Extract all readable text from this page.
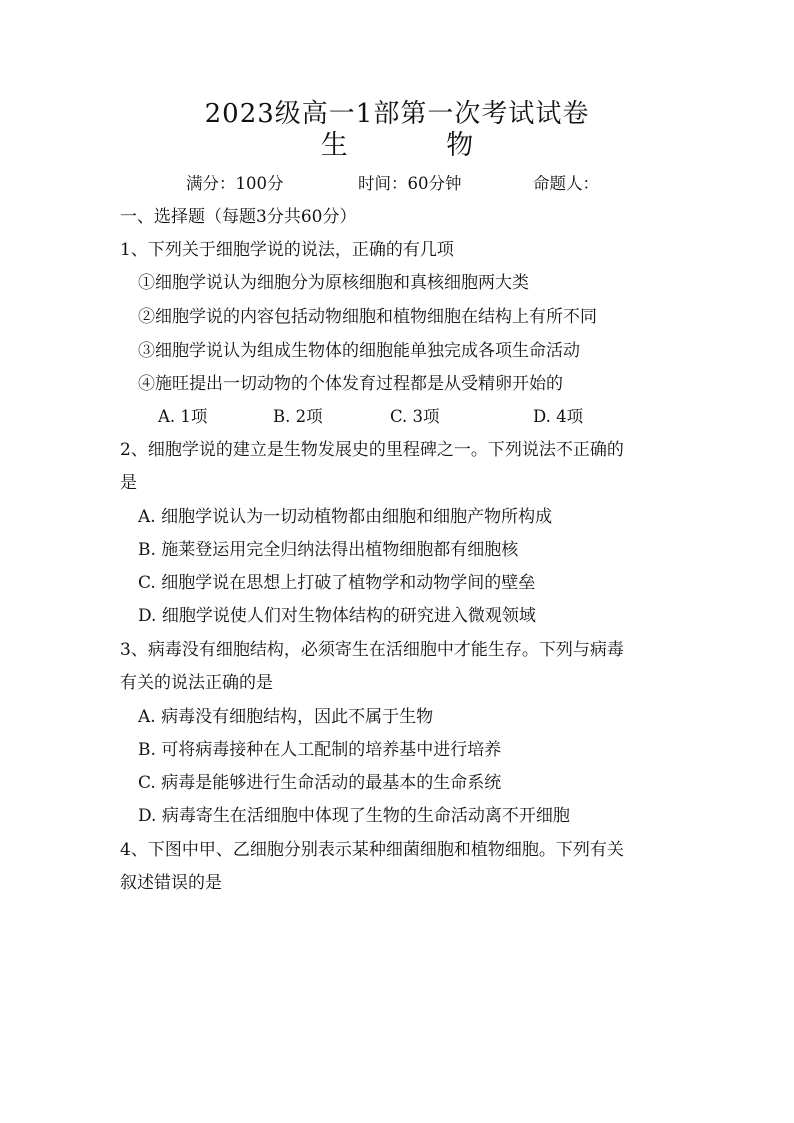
2023级高一1部第一次考试试卷
生 物
满分：100分	时间：60分钟	命题人：
一、选择题（每题3分共60分）
1、下列关于细胞学说的说法，正确的有几项
①细胞学说认为细胞分为原核细胞和真核细胞两大类
②细胞学说的内容包括动物细胞和植物细胞在结构上有所不同
③细胞学说认为组成生物体的细胞能单独完成各项生命活动
④施旺提出一切动物的个体发育过程都是从受精卵开始的
A. 1项	B. 2项	C. 3项	D. 4项
2、细胞学说的建立是生物发展史的里程碑之一。下列说法不正确的
是
A. 细胞学说认为一切动植物都由细胞和细胞产物所构成
B. 施莱登运用完全归纳法得出植物细胞都有细胞核
C. 细胞学说在思想上打破了植物学和动物学间的壁垒
D. 细胞学说使人们对生物体结构的研究进入微观领域
3、病毒没有细胞结构，必须寄生在活细胞中才能生存。下列与病毒
有关的说法正确的是
A. 病毒没有细胞结构，因此不属于生物
B. 可将病毒接种在人工配制的培养基中进行培养
C. 病毒是能够进行生命活动的最基本的生命系统
D. 病毒寄生在活细胞中体现了生物的生命活动离不开细胞
4、下图中甲、乙细胞分别表示某种细菌细胞和植物细胞。下列有关
叙述错误的是
